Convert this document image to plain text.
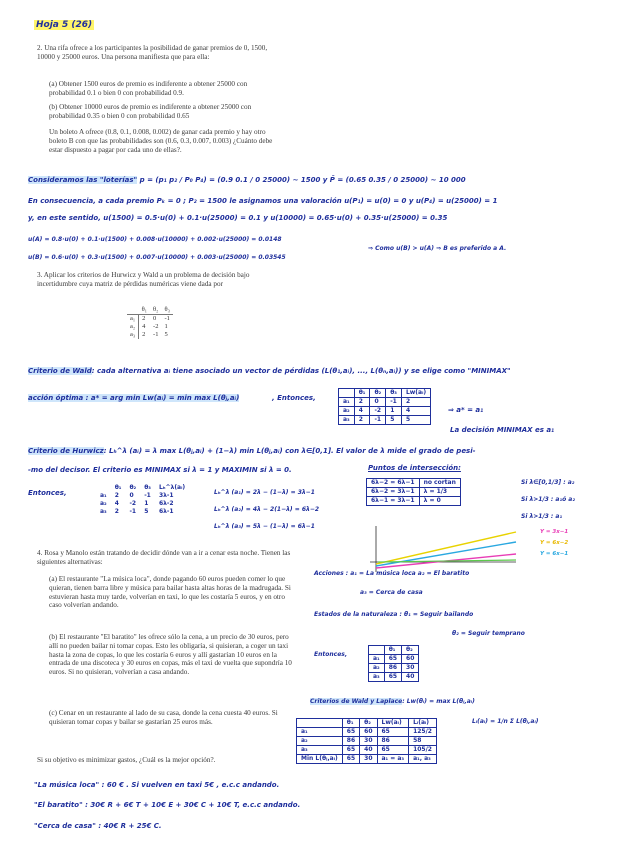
Hoja 5 (26)
2. Una rifa ofrece a los participantes la posibilidad de ganar premios de 0, 1500, 10000 y 25000 euros. Una persona manifiesta que para ella:
(a) Obtener 1500 euros de premio es indiferente a obtener 25000 con probabilidad 0.1 o bien 0 con probabilidad 0.9.
(b) Obtener 10000 euros de premio es indiferente a obtener 25000 con probabilidad 0.35 o bien 0 con probabilidad 0.65
Un boleto A ofrece (0.8, 0.1, 0.008, 0.002) de ganar cada premio y hay otro boleto B con que las probabilidades son (0.6, 0.3, 0.007, 0.003) ¿Cuánto debe estar dispuesto a pagar por cada uno de ellas?.
Consideramos las "loterías" p = (p₁ p₂ / P₀ P₄) = (0.9 0.1 / 0 25000) ~ 1500 y P̄ = (0.65 0.35 / 0 25000) ~ 10 000
En consecuencia, a cada premio Pₖ = 0 ; P₂ = 1500 le asignamos una valoración u(P₁) = u(0) = 0 y u(P₄) = u(25000) = 1
y, en este sentido, u(1500) = 0.5·u(0) + 0.1·u(25000) = 0.1 y u(10000) = 0.65·u(0) + 0.35·u(25000) = 0.35
u(A) = 0.8·u(0) + 0.1·u(1500) + 0.008·u(10000) + 0.002·u(25000) = 0.0148
u(B) = 0.6·u(0) + 0.3·u(1500) + 0.007·u(10000) + 0.003·u(25000) = 0.03545
⇒ Como u(B) > u(A) ⇒ B es preferido a A.
3. Aplicar los criterios de Hurwicz y Wald a un problema de decisión bajo incertidumbre cuya matriz de pérdidas numéricas viene dada por
	θ₁	θ₂	θ₃
a₁	2	0	-1
a₂	4	-2	1
a₃	2	-1	5
Criterio de Wald: cada alternativa aᵢ tiene asociado un vector de pérdidas (L(θ₁,aᵢ), ..., L(θₙ,aᵢ)) y se elige como "MINIMAX"
acción óptima : a* = arg min Lw(aᵢ) = min max L(θⱼ,aᵢ)	, Entonces,
	θ₁	θ₂	θ₃	Lw(aᵢ)
a₁	2	0	-1	2
a₂	4	-2	1	4
a₃	2	-1	5	5
⇒ a* = a₁
La decisión MINIMAX es a₁
Criterio de Hurwicz: Lₕ^λ (aᵢ) = λ max L(θⱼ,aᵢ) + (1−λ) min L(θⱼ,aᵢ) con λ∈[0,1]. El valor de λ mide el grado de pesi-
-mo del decisor. El criterio es MINIMAX si λ = 1 y MAXIMIN si λ = 0.
Entonces,
	θ₁	θ₂	θ₃	Lₕ^λ(aᵢ)
a₁	2	0	-1	3λ-1
a₂	4	-2	1	6λ-2
a₃	2	-1	5	6λ-1
Lₕ^λ (a₁) = 2λ − (1−λ) = 3λ−1
Lₕ^λ (a₂) = 4λ − 2(1−λ) = 6λ−2
Lₕ^λ (a₃) = 5λ − (1−λ) = 6λ−1
Puntos de intersección:
6λ−2 = 6λ−1	no cortan
6λ−2 = 3λ−1	λ = 1/3
6λ−1 = 3λ−1	λ = 0
Si λ∈[0,1/3] : a₂
Si λ>1/3 : a₁ó a₂
Si λ>1/3 : a₁
Y = 3x−1
Y = 6x−2
Y = 6x−1
4. Rosa y Manolo están tratando de decidir dónde van a ir a cenar esta noche. Tienen las siguientes alternativas:
(a) El restaurante "La música loca", donde pagando 60 euros pueden comer lo que quieran, tienen barra libre y música para bailar hasta altas horas de la madrugada. Si estuvieran hasta muy tarde, volverían en taxi, lo que les costaría 5 euros, y en otro caso volverían andando.
(b) El restaurante "El baratito" les ofrece sólo la cena, a un precio de 30 euros, pero allí no pueden bailar ni tomar copas. Esto les obligaría, si quisieran, a coger un taxi hasta la zona de copas, lo que les costaría 6 euros y allí gastarían 10 euros en la entrada de una discoteca y 30 euros en copas, más el taxi de vuelta que supondría 10 euros. Si no quisieran, volverían a casa andando.
(c) Cenar en un restaurante al lado de su casa, donde la cena cuesta 40 euros. Si quisieran tomar copas y bailar se gastarían 25 euros más.
Si su objetivo es minimizar gastos, ¿Cuál es la mejor opción?.
Acciones : a₁ = La música loca a₂ = El baratito
a₃ = Cerca de casa
Estados de la naturaleza : θ₁ = Seguir bailando
θ₂ = Seguir temprano
Entonces,
	θ₁	θ₂
a₁	65	60
a₂	86	30
a₃	65	40
Criterios de Wald y Laplace: Lw(θᵢ) = max L(θⱼ,aᵢ)
Lₗ(aᵢ) = 1/n Σ L(θⱼ,aᵢ)
	θ₁	θ₂	Lw(aᵢ)	Lₗ(aᵢ)
a₁	65	60	65	125/2
a₂	86	30	86	58
a₃	65	40	65	105/2
Min L(θⱼ,aᵢ)	65	30	a₁ = a₃	a₁, a₃
"La música loca" : 60 € . Si vuelven en taxi 5€ , e.c.c andando.
"El baratito" : 30€ R + 6€ T + 10€ E + 30€ C + 10€ T, e.c.c andando.
"Cerca de casa" : 40€ R + 25€ C.
